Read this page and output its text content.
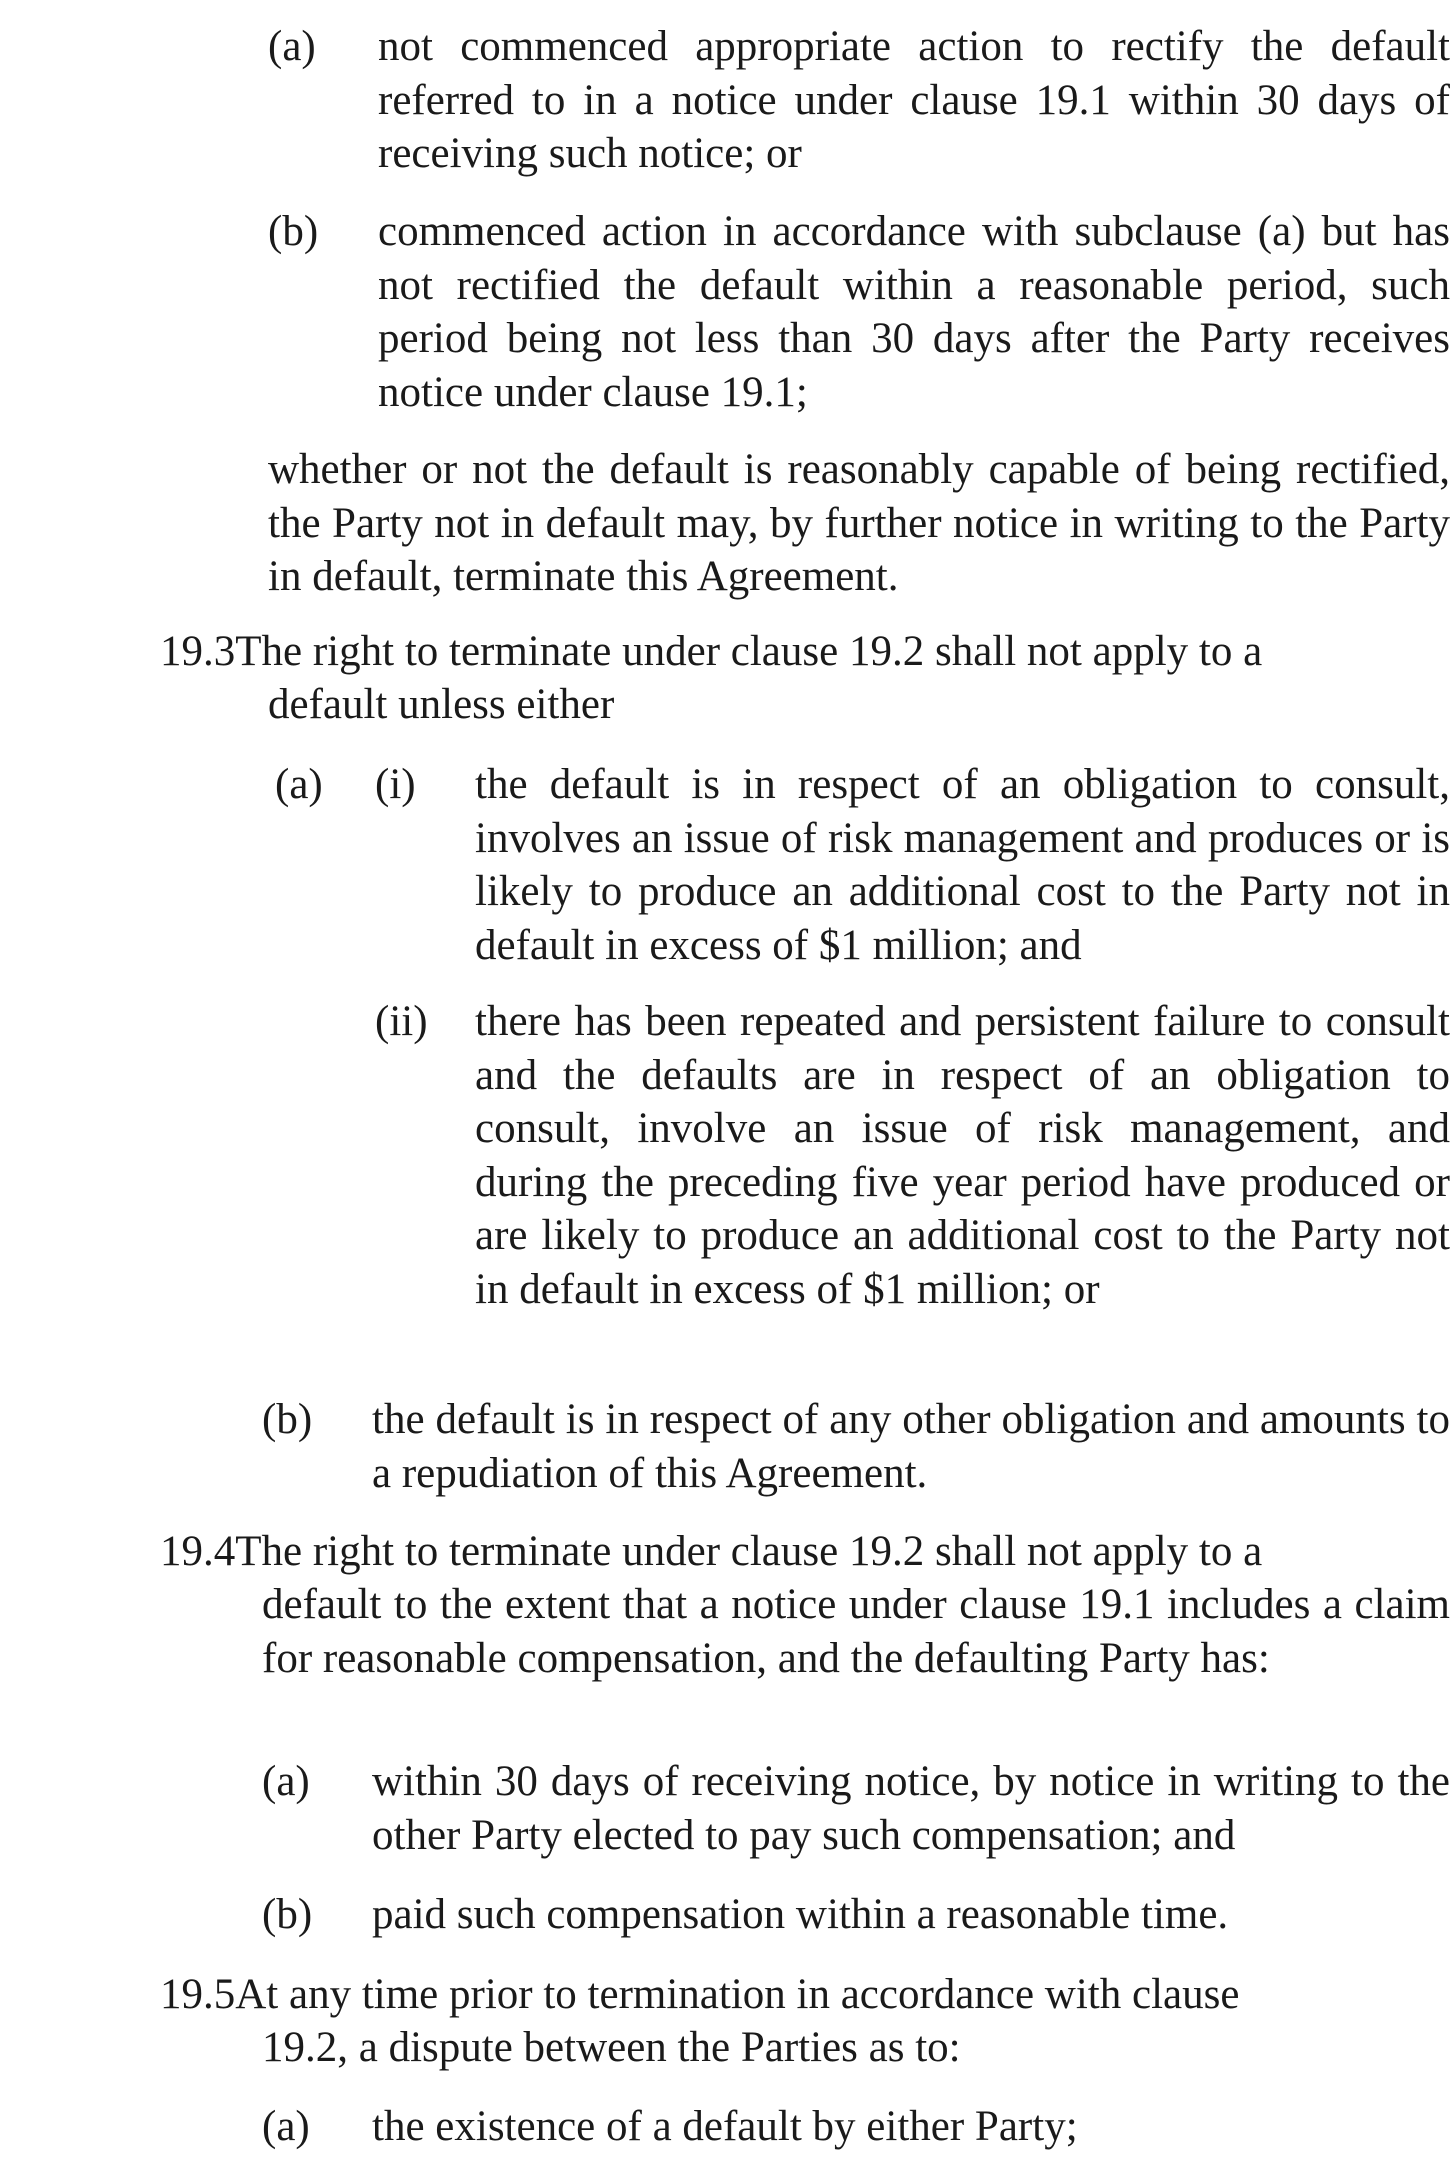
(a) not commenced appropriate action to rectify the default referred to in a notice under clause 19.1 within 30 days of receiving such notice; or

(b) commenced action in accordance with subclause (a) but has not rectified the default within a reasonable period, such period being not less than 30 days after the Party receives notice under clause 19.1;

whether or not the default is reasonably capable of being rectified, the Party not in default may, by further notice in writing to the Party in default, terminate this Agreement.

19.3The right to terminate under clause 19.2 shall not apply to a
default unless either
(a) (i) the default is in respect of an obligation to consult, involves an issue of risk management and produces or is likely to produce an additional cost to the Party not in default in excess of $1 million; and

(ii) there has been repeated and persistent failure to consult and the defaults are in respect of an obligation to consult, involve an issue of risk management, and during the preceding five year period have produced or are likely to produce an additional cost to the Party not in default in excess of $1 million; or

(b) the default is in respect of any other obligation and amounts to a repudiation of this Agreement.

19.4The right to terminate under clause 19.2 shall not apply to a

default to the extent that a notice under clause 19.1 includes a claim for reasonable compensation, and the defaulting Party has:

(a) within 30 days of receiving notice, by notice in writing to the other Party elected to pay such compensation; and

(b) paid such compensation within a reasonable time.

19.5At any time prior to termination in accordance with clause
19.2, a dispute between the Parties as to:
(a) the existence of a default by either Party;
